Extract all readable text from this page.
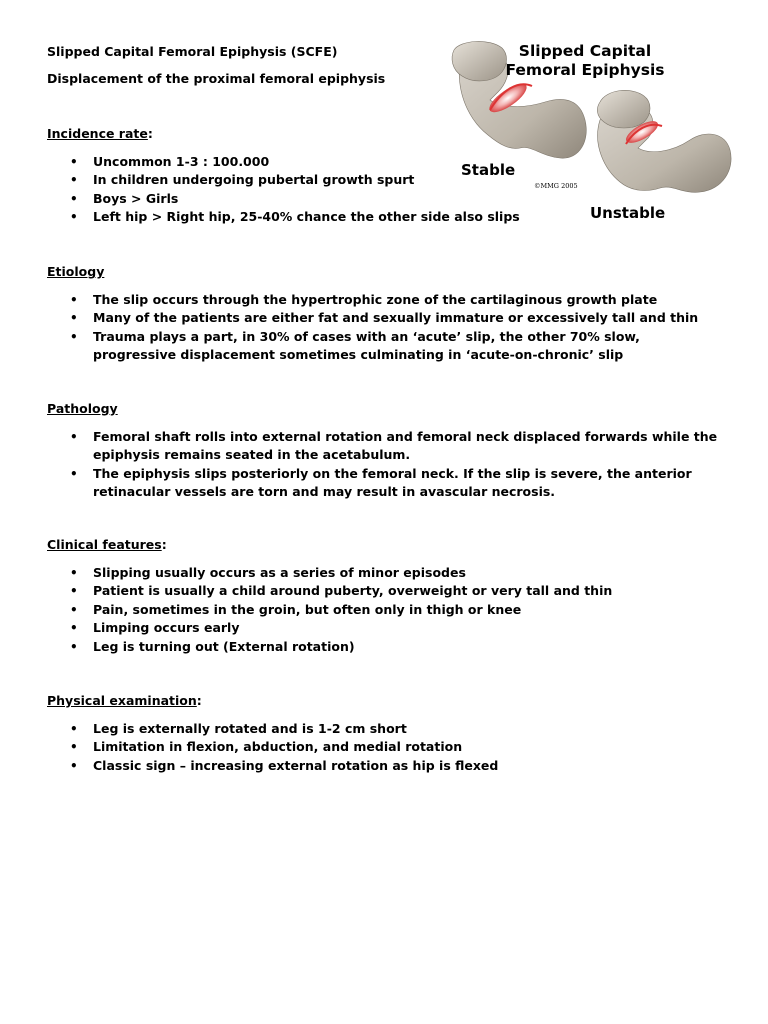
Slipped Capital Femoral Epiphysis (SCFE)
Displacement of the proximal femoral epiphysis
Slipped Capital
Femoral Epiphysis
Stable
©MMG 2005
Unstable
Incidence rate:
• Uncommon 1-3 : 100.000
• In children undergoing pubertal growth spurt
• Boys > Girls
• Left hip > Right hip, 25-40% chance the other side also slips
Etiology
• The slip occurs through the hypertrophic zone of the cartilaginous growth plate
• Many of the patients are either fat and sexually immature or excessively tall and thin
• Trauma plays a part, in 30% of cases with an ‘acute’ slip, the other 70% slow, progressive displacement sometimes culminating in ‘acute-on-chronic’ slip
Pathology
• Femoral shaft rolls into external rotation and femoral neck displaced forwards while the epiphysis remains seated in the acetabulum.
• The epiphysis slips posteriorly on the femoral neck. If the slip is severe, the anterior retinacular vessels are torn and may result in avascular necrosis.
Clinical features:
• Slipping usually occurs as a series of minor episodes
• Patient is usually a child around puberty, overweight or very tall and thin
• Pain, sometimes in the groin, but often only in thigh or knee
• Limping occurs early
• Leg is turning out (External rotation)
Physical examination:
• Leg is externally rotated and is 1-2 cm short
• Limitation in flexion, abduction, and medial rotation
• Classic sign – increasing external rotation as hip is flexed
